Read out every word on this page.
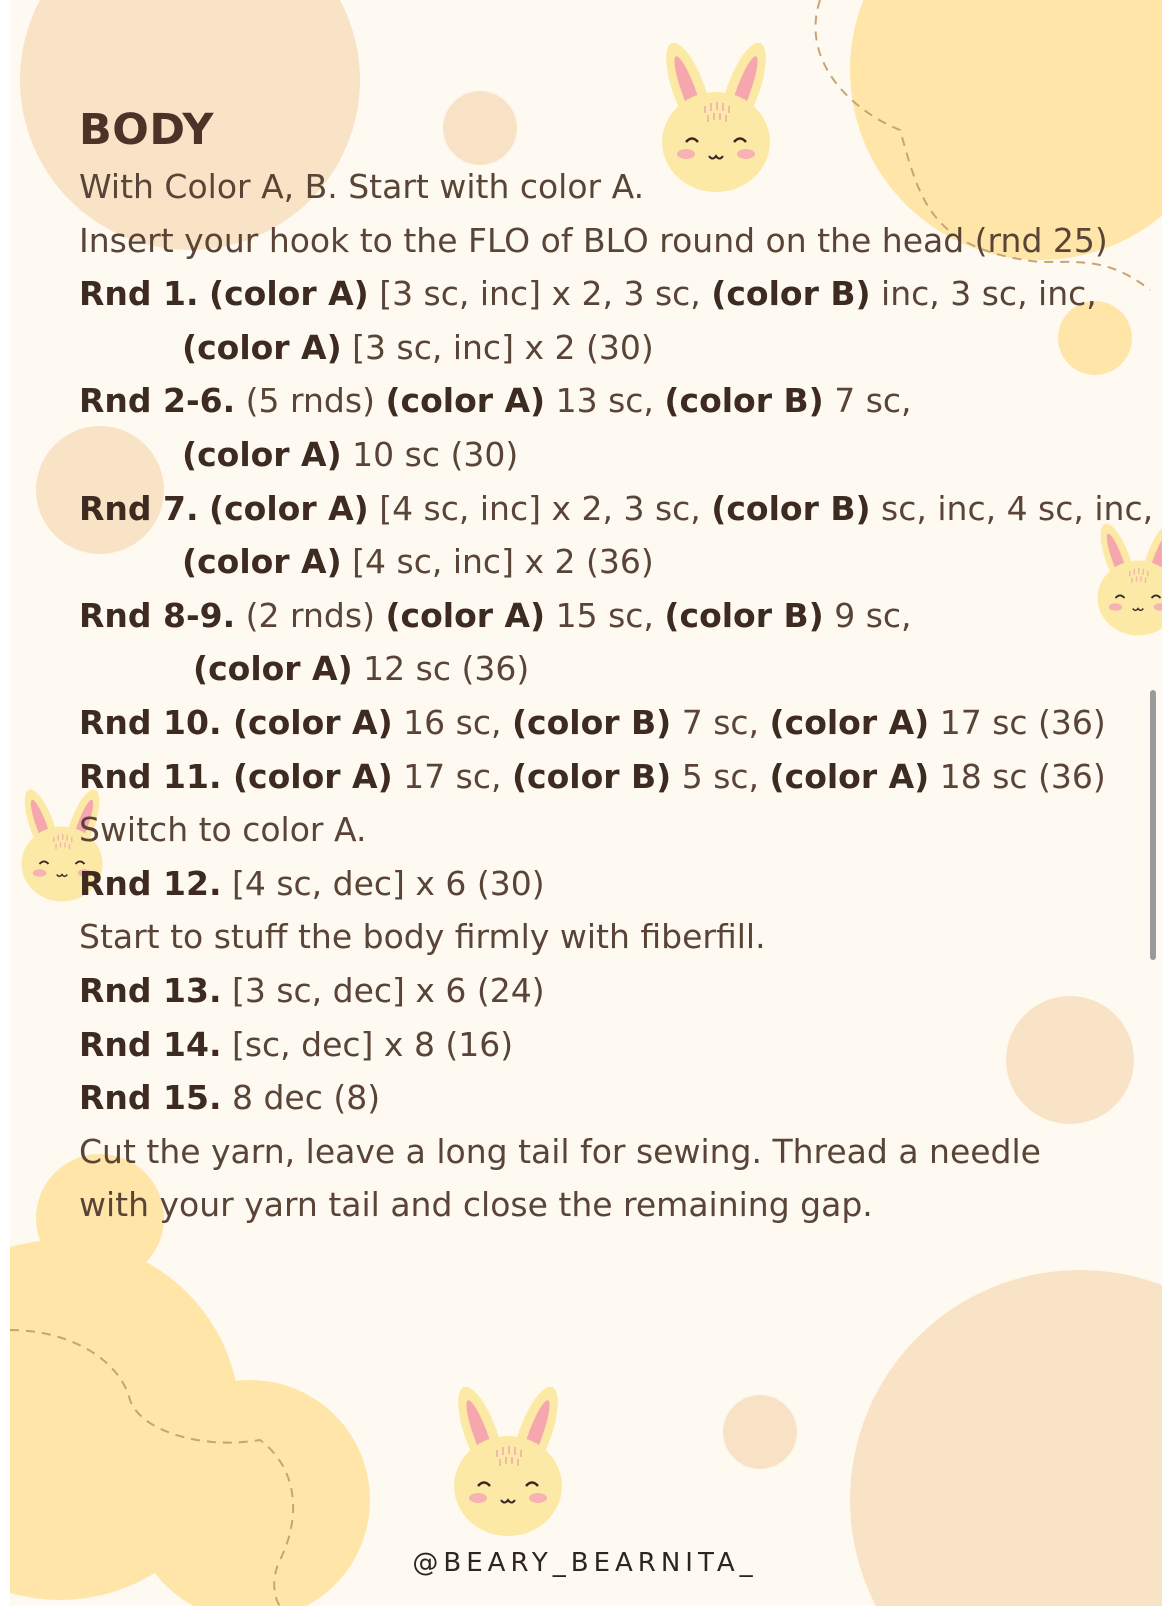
BODY
With Color A, B. Start with color A.
Insert your hook to the FLO of BLO round on the head (rnd 25)
Rnd 1. (color A) [3 sc, inc] x 2, 3 sc, (color B) inc, 3 sc, inc,
(color A) [3 sc, inc] x 2 (30)
Rnd 2-6. (5 rnds) (color A) 13 sc, (color B) 7 sc,
(color A) 10 sc (30)
Rnd 7. (color A) [4 sc, inc] x 2, 3 sc, (color B) sc, inc, 4 sc, inc,
(color A) [4 sc, inc] x 2 (36)
Rnd 8-9. (2 rnds) (color A) 15 sc, (color B) 9 sc,
(color A) 12 sc (36)
Rnd 10. (color A) 16 sc, (color B) 7 sc, (color A) 17 sc (36)
Rnd 11. (color A) 17 sc, (color B) 5 sc, (color A) 18 sc (36)
Switch to color A.
Rnd 12. [4 sc, dec] x 6 (30)
Start to stuff the body firmly with fiberfill.
Rnd 13. [3 sc, dec] x 6 (24)
Rnd 14. [sc, dec] x 8 (16)
Rnd 15. 8 dec (8)
Cut the yarn, leave a long tail for sewing. Thread a needle with your yarn tail and close the remaining gap.
@BEARY_BEARNITA_
